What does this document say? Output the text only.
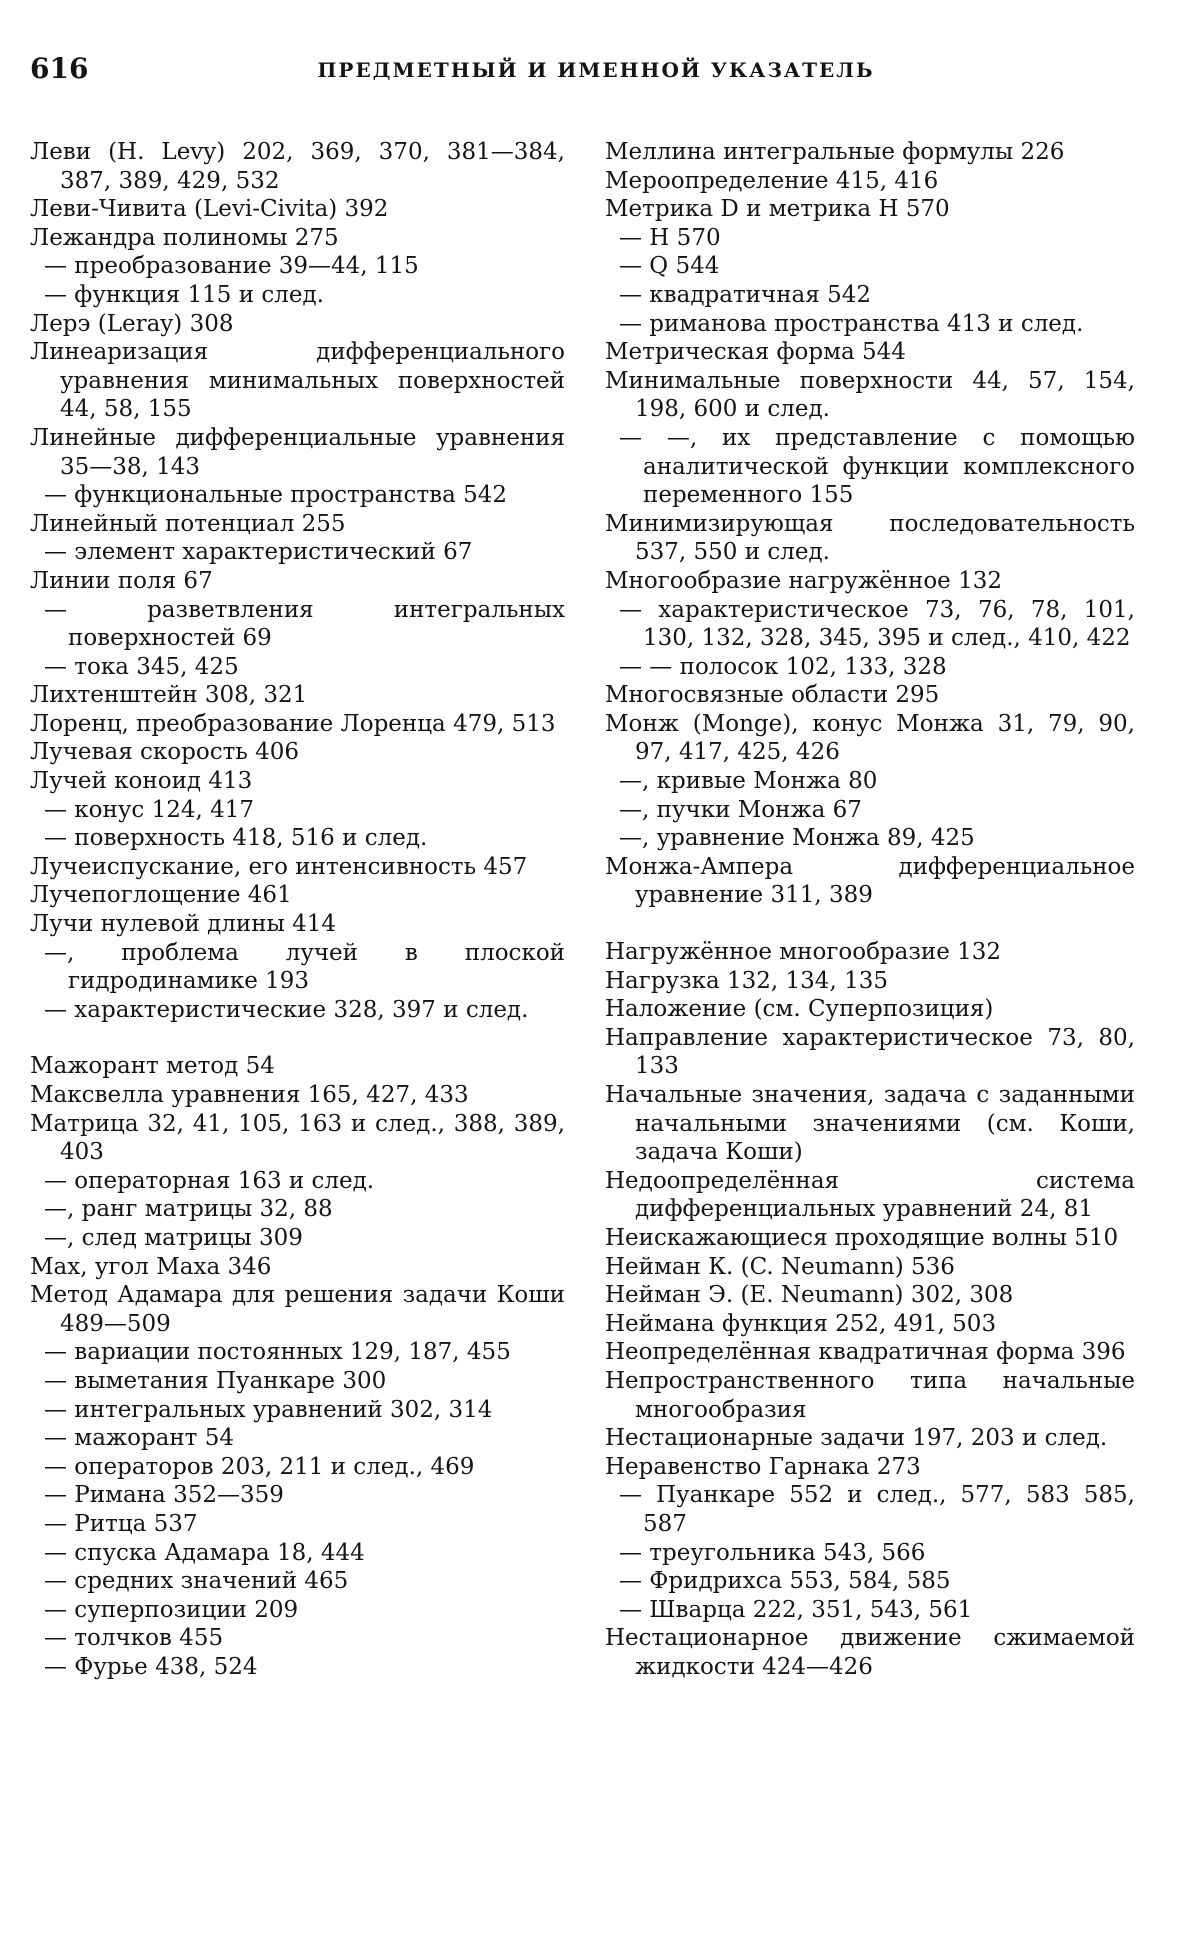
616	ПРЕДМЕТНЫЙ И ИМЕННОЙ УКАЗАТЕЛЬ
Леви (H. Levy) 202, 369, 370, 381—384, 387, 389, 429, 532
Леви-Чивита (Levi-Civita) 392
Лежандра полиномы 275
— преобразование 39—44, 115
— функция 115 и след.
Лерэ (Leray) 308
Линеаризация дифференциального уравнения минимальных поверхностей 44, 58, 155
Линейные дифференциальные уравнения 35—38, 143
— функциональные пространства 542
Линейный потенциал 255
— элемент характеристический 67
Линии поля 67
— разветвления интегральных поверхностей 69
— тока 345, 425
Лихтенштейн 308, 321
Лоренц, преобразование Лоренца 479, 513
Лучевая скорость 406
Лучей коноид 413
— конус 124, 417
— поверхность 418, 516 и след.
Лучеиспускание, его интенсивность 457
Лучепоглощение 461
Лучи нулевой длины 414
—, проблема лучей в плоской гидродинамике 193
— характеристические 328, 397 и след.
Мажорант метод 54
Максвелла уравнения 165, 427, 433
Матрица 32, 41, 105, 163 и след., 388, 389, 403
— операторная 163 и след.
—, ранг матрицы 32, 88
—, след матрицы 309
Мах, угол Маха 346
Метод Адамара для решения задачи Коши 489—509
— вариации постоянных 129, 187, 455
— выметания Пуанкаре 300
— интегральных уравнений 302, 314
— мажорант 54
— операторов 203, 211 и след., 469
— Римана 352—359
— Ритца 537
— спуска Адамара 18, 444
— средних значений 465
— суперпозиции 209
— толчков 455
— Фурье 438, 524
Меллина интегральные формулы 226
Мероопределение 415, 416
Метрика D и метрика H 570
— H 570
— Q 544
— квадратичная 542
— риманова пространства 413 и след.
Метрическая форма 544
Минимальные поверхности 44, 57, 154, 198, 600 и след.
— —, их представление с помощью аналитической функции комплексного переменного 155
Минимизирующая последовательность 537, 550 и след.
Многообразие нагружённое 132
— характеристическое 73, 76, 78, 101, 130, 132, 328, 345, 395 и след., 410, 422
— — полосок 102, 133, 328
Многосвязные области 295
Монж (Monge), конус Монжа 31, 79, 90, 97, 417, 425, 426
—, кривые Монжа 80
—, пучки Монжа 67
—, уравнение Монжа 89, 425
Монжа-Ампера дифференциальное уравнение 311, 389
Нагружённое многообразие 132
Нагрузка 132, 134, 135
Наложение (см. Суперпозиция)
Направление характеристическое 73, 80, 133
Начальные значения, задача с заданными начальными значениями (см. Коши, задача Коши)
Недоопределённая система дифференциальных уравнений 24, 81
Неискажающиеся проходящие волны 510
Нейман К. (C. Neumann) 536
Нейман Э. (E. Neumann) 302, 308
Неймана функция 252, 491, 503
Неопределённая квадратичная форма 396
Непространственного типа начальные многообразия
Нестационарные задачи 197, 203 и след.
Неравенство Гарнака 273
— Пуанкаре 552 и след., 577, 583 585, 587
— треугольника 543, 566
— Фридрихса 553, 584, 585
— Шварца 222, 351, 543, 561
Нестационарное движение сжимаемой жидкости 424—426
